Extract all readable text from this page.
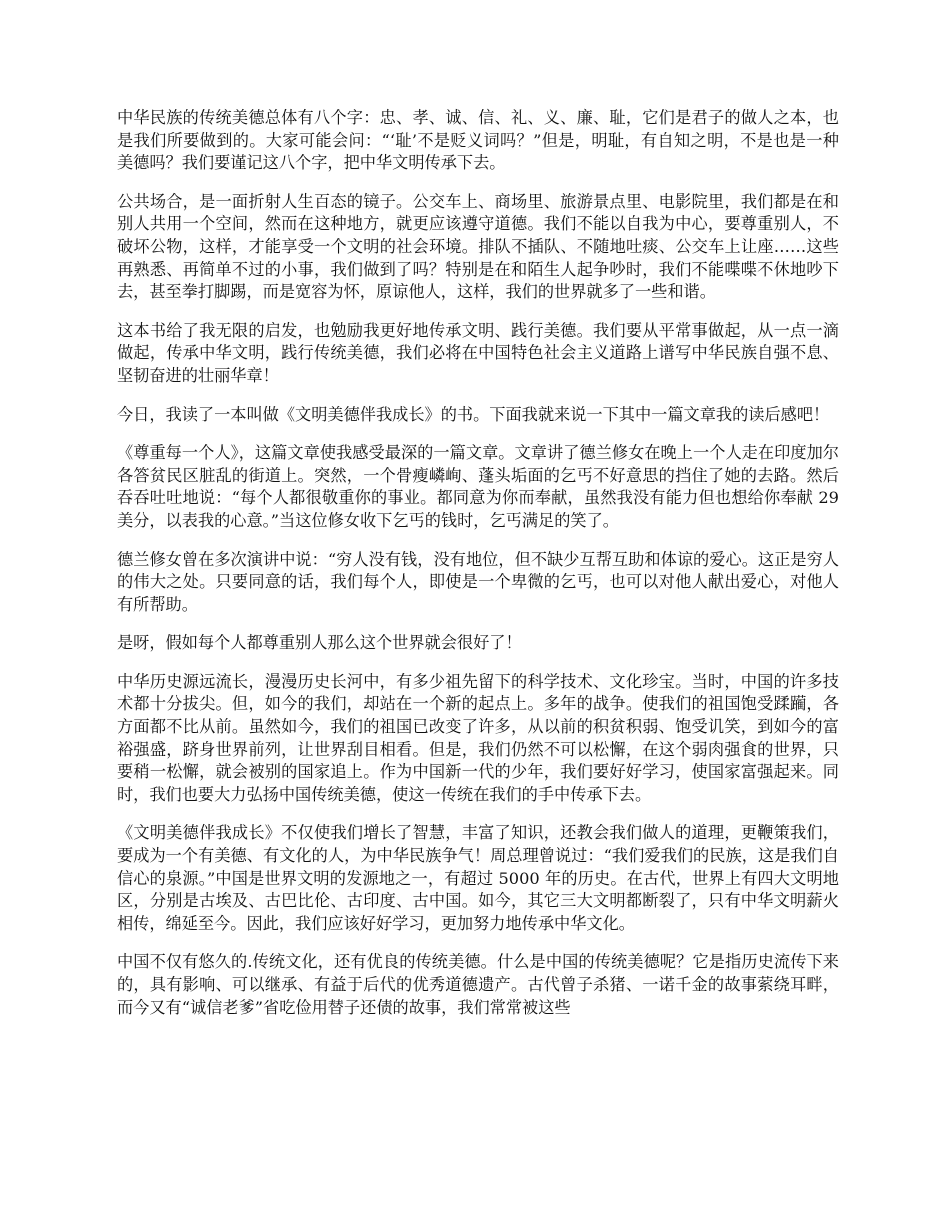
中华民族的传统美德总体有八个字：忠、孝、诚、信、礼、义、廉、耻，它们是君子的做人之本，也是我们所要做到的。大家可能会问：“‘耻’不是贬义词吗？”但是，明耻，有自知之明，不是也是一种美德吗？我们要谨记这八个字，把中华文明传承下去。

公共场合，是一面折射人生百态的镜子。公交车上、商场里、旅游景点里、电影院里，我们都是在和别人共用一个空间，然而在这种地方，就更应该遵守道德。我们不能以自我为中心，要尊重别人，不破坏公物，这样，才能享受一个文明的社会环境。排队不插队、不随地吐痰、公交车上让座……这些再熟悉、再简单不过的小事，我们做到了吗？特别是在和陌生人起争吵时，我们不能喋喋不休地吵下去，甚至拳打脚踢，而是宽容为怀，原谅他人，这样，我们的世界就多了一些和谐。

这本书给了我无限的启发，也勉励我更好地传承文明、践行美德。我们要从平常事做起，从一点一滴做起，传承中华文明，践行传统美德，我们必将在中国特色社会主义道路上谱写中华民族自强不息、坚韧奋进的壮丽华章！

今日，我读了一本叫做《文明美德伴我成长》的书。下面我就来说一下其中一篇文章我的读后感吧！

《尊重每一个人》，这篇文章使我感受最深的一篇文章。文章讲了德兰修女在晚上一个人走在印度加尔各答贫民区脏乱的街道上。突然，一个骨瘦嶙峋、蓬头垢面的乞丐不好意思的挡住了她的去路。然后吞吞吐吐地说：“每个人都很敬重你的事业。都同意为你而奉献，虽然我没有能力但也想给你奉献 29 美分，以表我的心意。”当这位修女收下乞丐的钱时，乞丐满足的笑了。

德兰修女曾在多次演讲中说：“穷人没有钱，没有地位，但不缺少互帮互助和体谅的爱心。这正是穷人的伟大之处。只要同意的话，我们每个人，即使是一个卑微的乞丐，也可以对他人献出爱心，对他人有所帮助。

是呀，假如每个人都尊重别人那么这个世界就会很好了！

中华历史源远流长，漫漫历史长河中，有多少祖先留下的科学技术、文化珍宝。当时，中国的许多技术都十分拔尖。但，如今的我们，却站在一个新的起点上。多年的战争。使我们的祖国饱受蹂躏，各方面都不比从前。虽然如今，我们的祖国已改变了许多，从以前的积贫积弱、饱受讥笑，到如今的富裕强盛，跻身世界前列，让世界刮目相看。但是，我们仍然不可以松懈，在这个弱肉强食的世界，只要稍一松懈，就会被别的国家追上。作为中国新一代的少年，我们要好好学习，使国家富强起来。同时，我们也要大力弘扬中国传统美德，使这一传统在我们的手中传承下去。

《文明美德伴我成长》不仅使我们增长了智慧，丰富了知识，还教会我们做人的道理，更鞭策我们，要成为一个有美德、有文化的人，为中华民族争气！周总理曾说过：“我们爱我们的民族，这是我们自信心的泉源。”中国是世界文明的发源地之一，有超过 5000 年的历史。在古代，世界上有四大文明地区，分别是古埃及、古巴比伦、古印度、古中国。如今，其它三大文明都断裂了，只有中华文明薪火相传，绵延至今。因此，我们应该好好学习，更加努力地传承中华文化。

中国不仅有悠久的.传统文化，还有优良的传统美德。什么是中国的传统美德呢？它是指历史流传下来的，具有影响、可以继承、有益于后代的优秀道德遗产。古代曾子杀猪、一诺千金的故事萦绕耳畔，而今又有“诚信老爹”省吃俭用替子还债的故事，我们常常被这些
